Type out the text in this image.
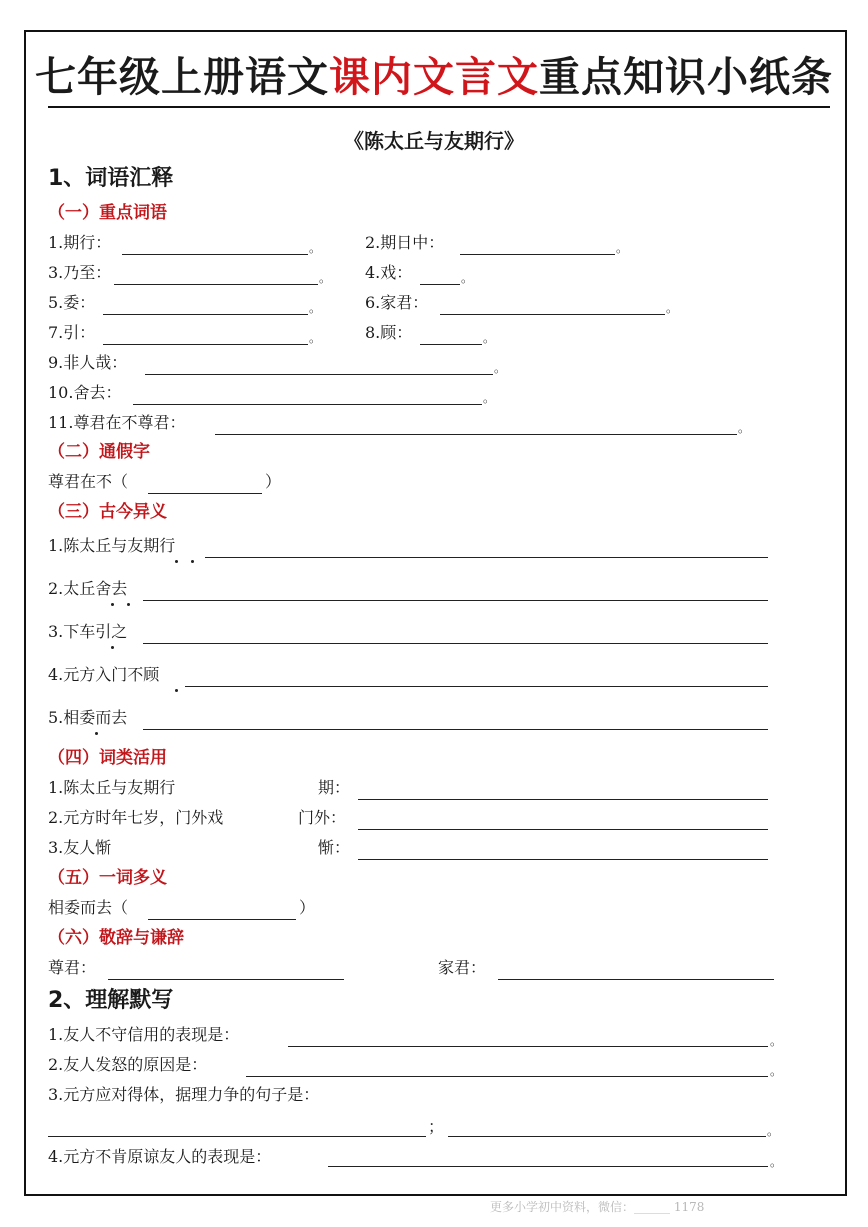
七年级上册语文课内文言文重点知识小纸条
《陈太丘与友期行》
1、词语汇释
（一）重点词语
1.期行：	。	2.期日中：	。
3.乃至：	。 4.戏：	。
5.委：	。	6.家君：	。
7.引：	。	8.顾：	。
9.非人哉：	。
10.舍去：	。
11.尊君在不尊君：	。
（二）通假字
尊君在不（	）
（三）古今异义
1.陈太丘与友期行
2.太丘舍去
3.下车引之
4.元方入门不顾
5.相委而去
（四）词类活用
1.陈太丘与友期行	期：
2.元方时年七岁，门外戏	门外：
3.友人惭	惭：
（五）一词多义
相委而去（	）
（六）敬辞与谦辞
尊君：	家君：
2、理解默写
1.友人不守信用的表现是：	。
2.友人发怒的原因是：	。
3.元方应对得体，据理力争的句子是：
；	。
4.元方不肯原谅友人的表现是：	。
更多小学初中资料，微信：______ 1178
